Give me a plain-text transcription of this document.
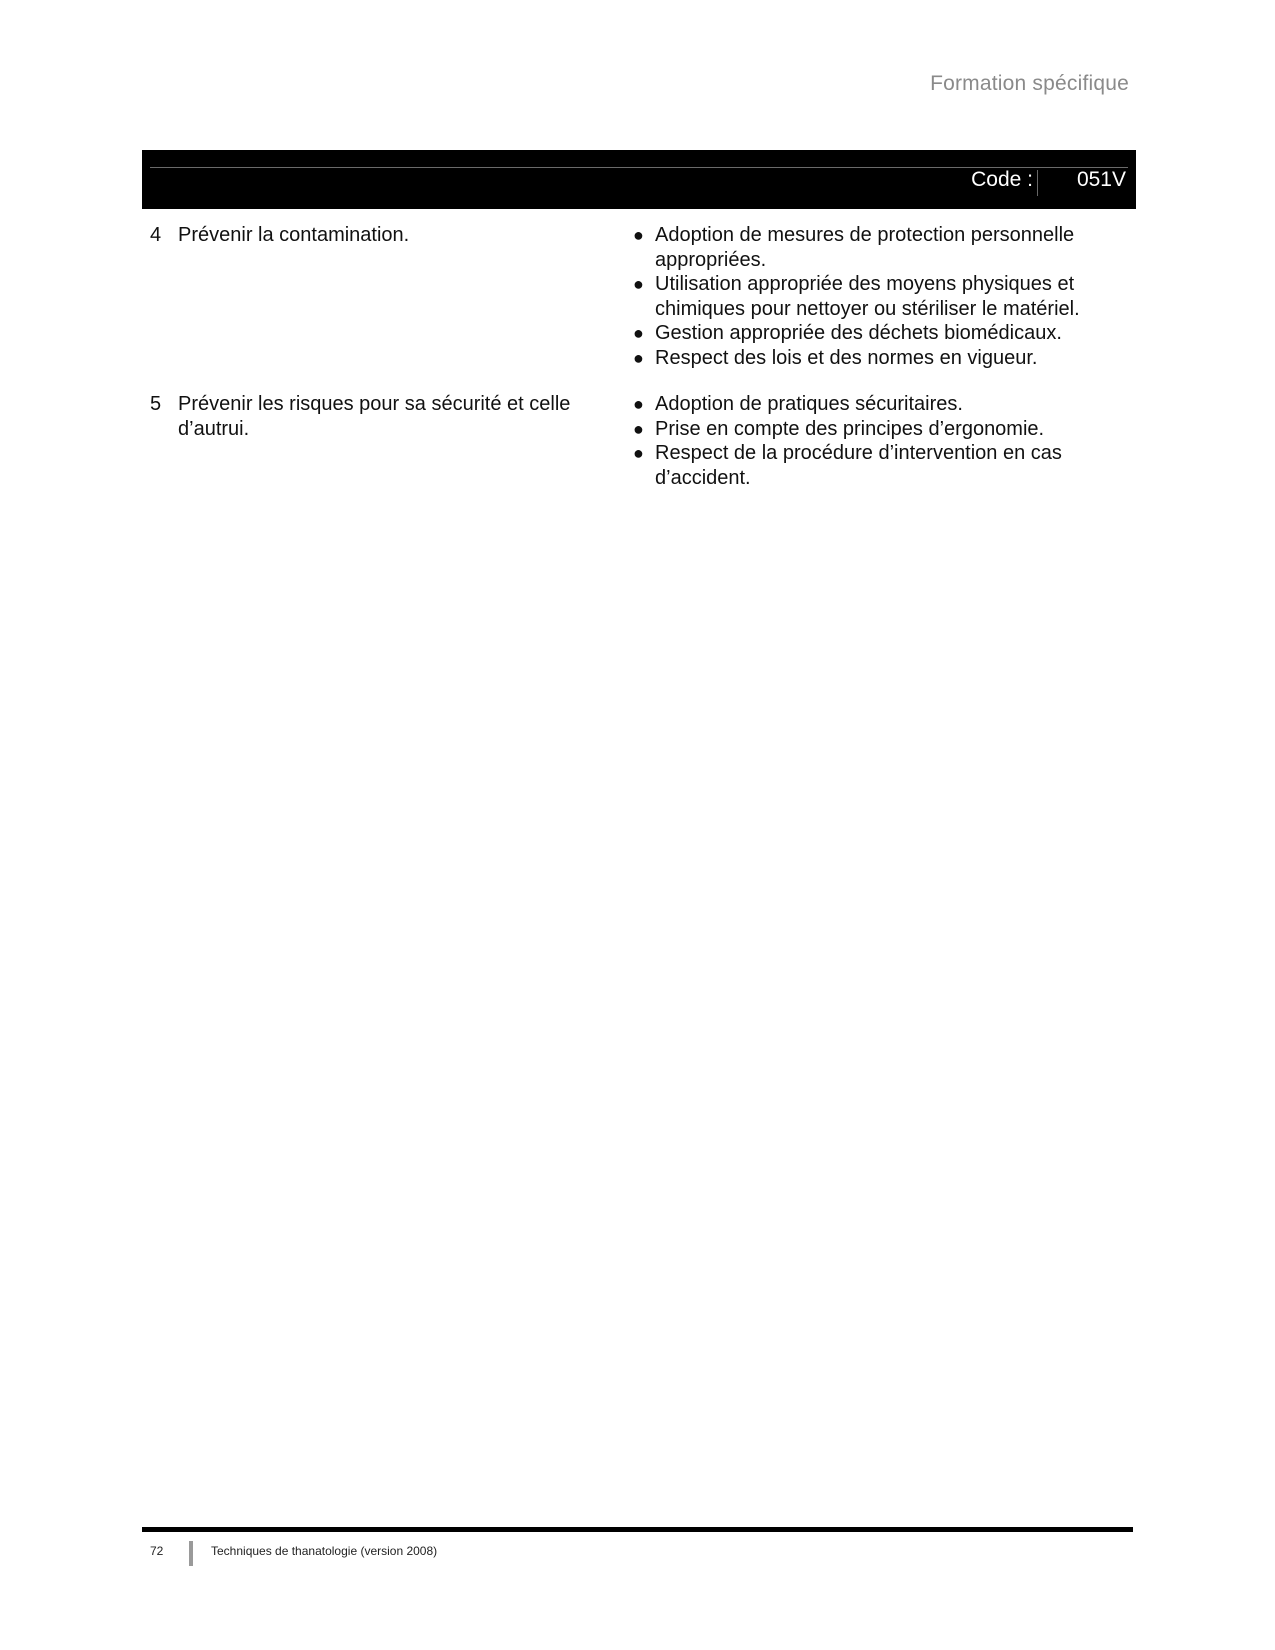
Formation spécifique
Code : 051V
4 Prévenir la contamination.	● Adoption de mesures de protection personnelle appropriées.
● Utilisation appropriée des moyens physiques et chimiques pour nettoyer ou stériliser le matériel.
● Gestion appropriée des déchets biomédicaux.
● Respect des lois et des normes en vigueur.
5 Prévenir les risques pour sa sécurité et celle d’autrui.
● Adoption de pratiques sécuritaires.
● Prise en compte des principes d’ergonomie.
● Respect de la procédure d’intervention en cas d’accident.
72	Techniques de thanatologie (version 2008)
